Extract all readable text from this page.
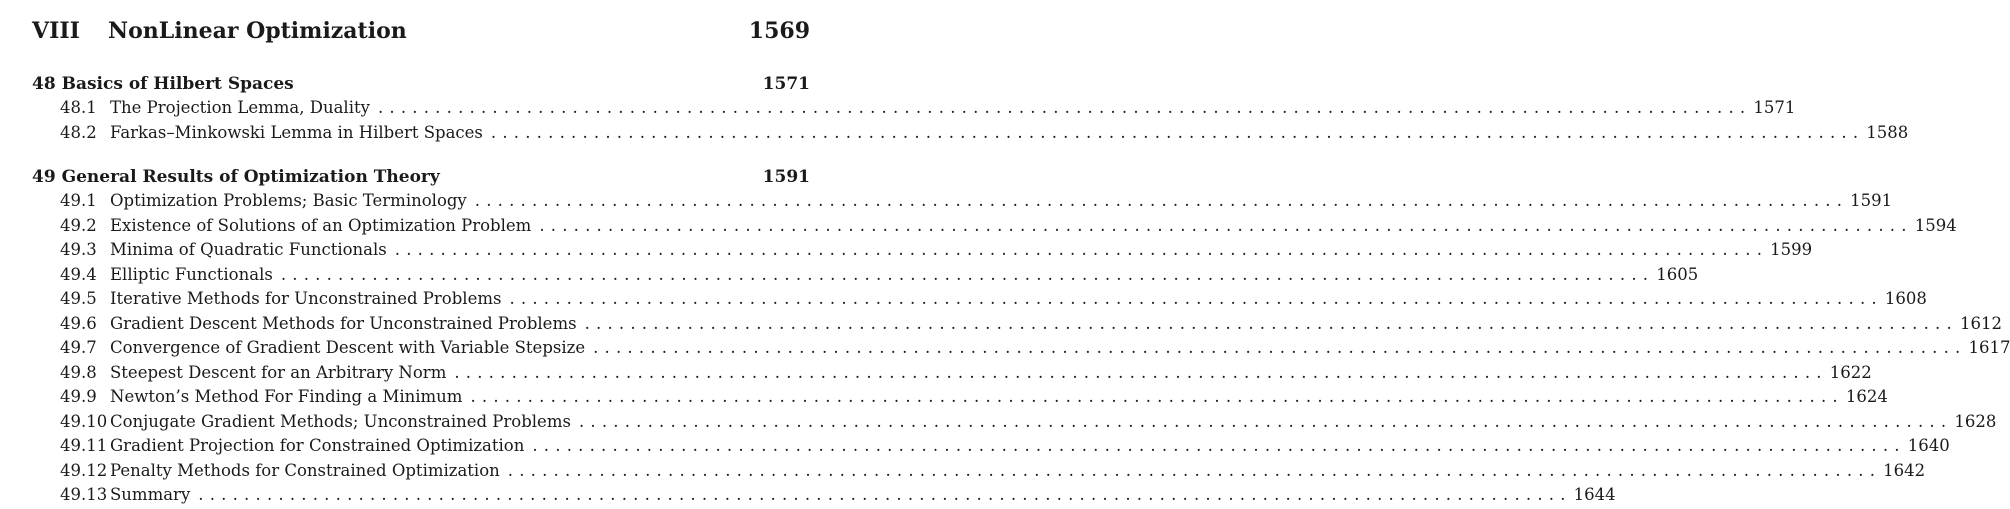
VIII NonLinear Optimization	1569
48 Basics of Hilbert Spaces	1571
48.1 The Projection Lemma, Duality ........................................................................................................................ 1571
48.2 Farkas–Minkowski Lemma in Hilbert Spaces ........................................................................................................................ 1588
49 General Results of Optimization Theory	1591
49.1 Optimization Problems; Basic Terminology ........................................................................................................................ 1591
49.2 Existence of Solutions of an Optimization Problem ........................................................................................................................ 1594
49.3 Minima of Quadratic Functionals ........................................................................................................................ 1599
49.4 Elliptic Functionals ........................................................................................................................ 1605
49.5 Iterative Methods for Unconstrained Problems ........................................................................................................................ 1608
49.6 Gradient Descent Methods for Unconstrained Problems ........................................................................................................................ 1612
49.7 Convergence of Gradient Descent with Variable Stepsize ........................................................................................................................ 1617
49.8 Steepest Descent for an Arbitrary Norm ........................................................................................................................ 1622
49.9 Newton’s Method For Finding a Minimum ........................................................................................................................ 1624
49.10 Conjugate Gradient Methods; Unconstrained Problems ........................................................................................................................ 1628
49.11 Gradient Projection for Constrained Optimization ........................................................................................................................ 1640
49.12 Penalty Methods for Constrained Optimization ........................................................................................................................ 1642
49.13 Summary ........................................................................................................................ 1644
